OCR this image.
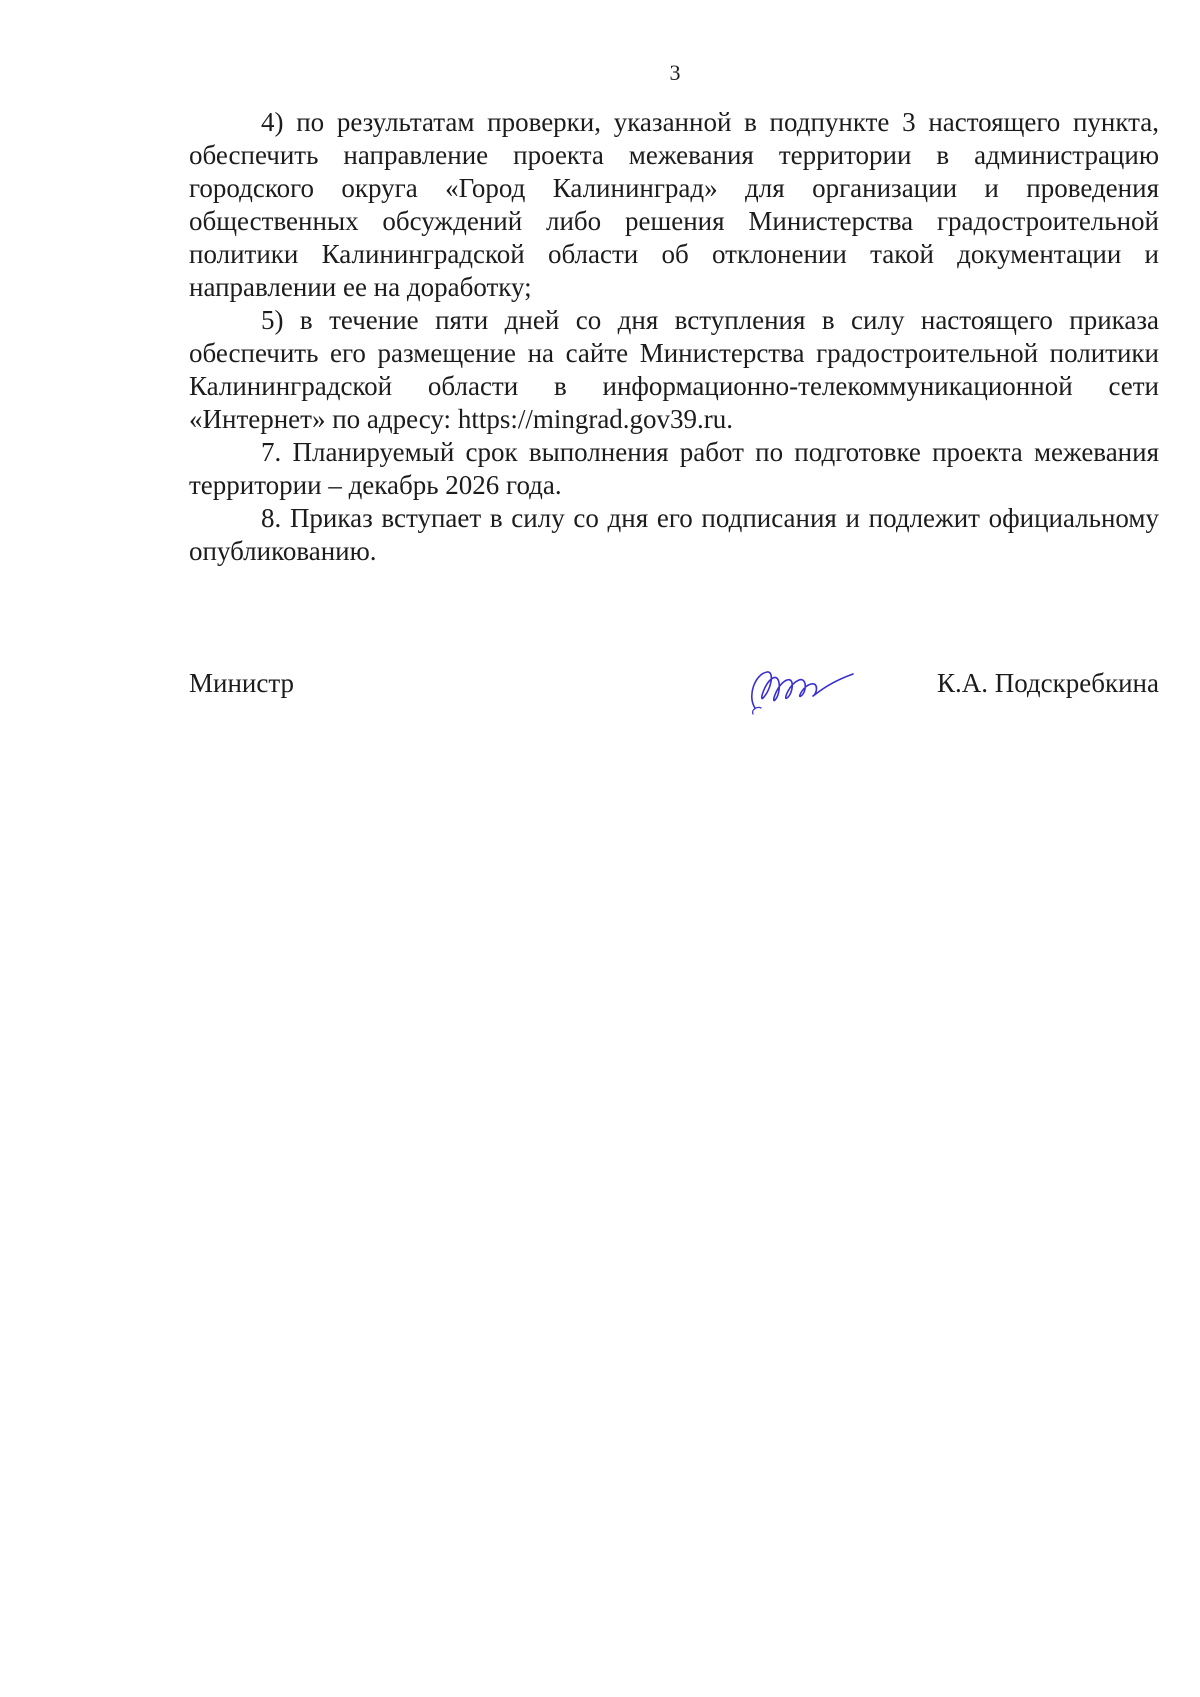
3

4) по результатам проверки, указанной в подпункте 3 настоящего пункта, обеспечить направление проекта межевания территории в администрацию городского округа «Город Калининград» для организации и проведения общественных обсуждений либо решения Министерства градостроительной политики Калининградской области об отклонении такой документации и направлении ее на доработку;

5) в течение пяти дней со дня вступления в силу настоящего приказа обеспечить его размещение на сайте Министерства градостроительной политики Калининградской области в информационно-телекоммуникационной сети «Интернет» по адресу: https://mingrad.gov39.ru.

7. Планируемый срок выполнения работ по подготовке проекта межевания территории – декабрь 2026 года.

8. Приказ вступает в силу со дня его подписания и подлежит официальному опубликованию.

Министр	К.А. Подскребкина
